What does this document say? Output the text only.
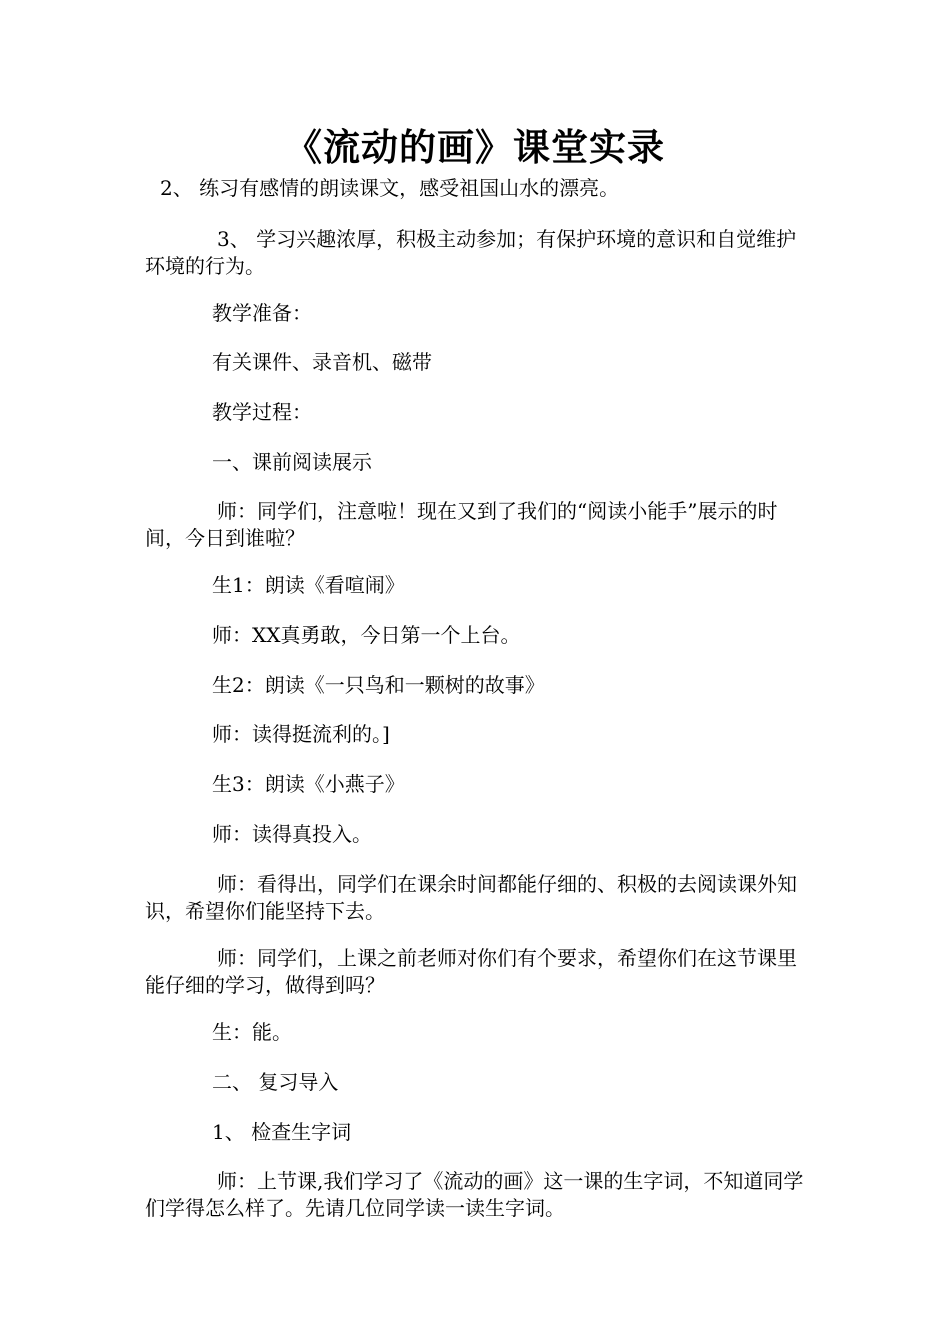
《流动的画》课堂实录

2、 练习有感情的朗读课文，感受祖国山水的漂亮。

3、 学习兴趣浓厚，积极主动参加；有保护环境的意识和自觉维护环境的行为。

教学准备：

有关课件、录音机、磁带

教学过程：

一、课前阅读展示

师：同学们，注意啦！现在又到了我们的“阅读小能手”展示的时间，今日到谁啦？

生1：朗读《看喧闹》

师：XX真勇敢，今日第一个上台。

生2：朗读《一只鸟和一颗树的故事》

师：读得挺流利的。]

生3：朗读《小燕子》

师：读得真投入。

师：看得出，同学们在课余时间都能仔细的、积极的去阅读课外知识，希望你们能坚持下去。

师：同学们，上课之前老师对你们有个要求，希望你们在这节课里能仔细的学习，做得到吗？

生：能。

二、 复习导入

1、 检查生字词

师：上节课,我们学习了《流动的画》这一课的生字词，不知道同学们学得怎么样了。先请几位同学读一读生字词。
